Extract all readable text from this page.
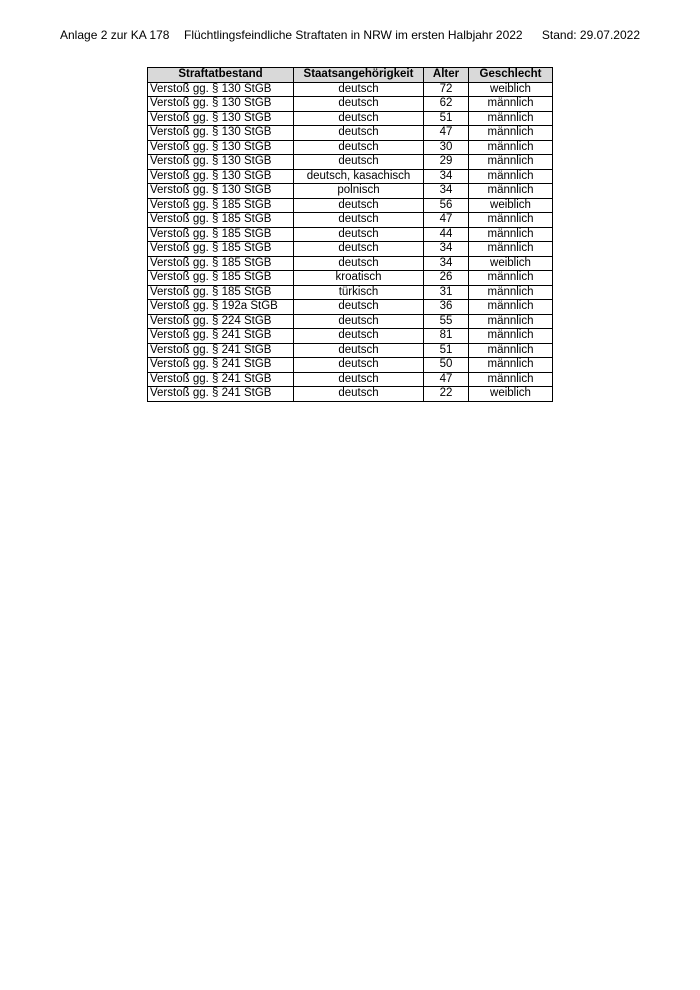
Anlage 2 zur KA 178 Flüchtlingsfeindliche Straftaten in NRW im ersten Halbjahr 2022 Stand: 29.07.2022
Straftatbestand	Staatsangehörigkeit	Alter	Geschlecht
Verstoß gg. § 130 StGB	deutsch	72	weiblich
Verstoß gg. § 130 StGB	deutsch	62	männlich
Verstoß gg. § 130 StGB	deutsch	51	männlich
Verstoß gg. § 130 StGB	deutsch	47	männlich
Verstoß gg. § 130 StGB	deutsch	30	männlich
Verstoß gg. § 130 StGB	deutsch	29	männlich
Verstoß gg. § 130 StGB	deutsch, kasachisch	34	männlich
Verstoß gg. § 130 StGB	polnisch	34	männlich
Verstoß gg. § 185 StGB	deutsch	56	weiblich
Verstoß gg. § 185 StGB	deutsch	47	männlich
Verstoß gg. § 185 StGB	deutsch	44	männlich
Verstoß gg. § 185 StGB	deutsch	34	männlich
Verstoß gg. § 185 StGB	deutsch	34	weiblich
Verstoß gg. § 185 StGB	kroatisch	26	männlich
Verstoß gg. § 185 StGB	türkisch	31	männlich
Verstoß gg. § 192a StGB	deutsch	36	männlich
Verstoß gg. § 224 StGB	deutsch	55	männlich
Verstoß gg. § 241 StGB	deutsch	81	männlich
Verstoß gg. § 241 StGB	deutsch	51	männlich
Verstoß gg. § 241 StGB	deutsch	50	männlich
Verstoß gg. § 241 StGB	deutsch	47	männlich
Verstoß gg. § 241 StGB	deutsch	22	weiblich
